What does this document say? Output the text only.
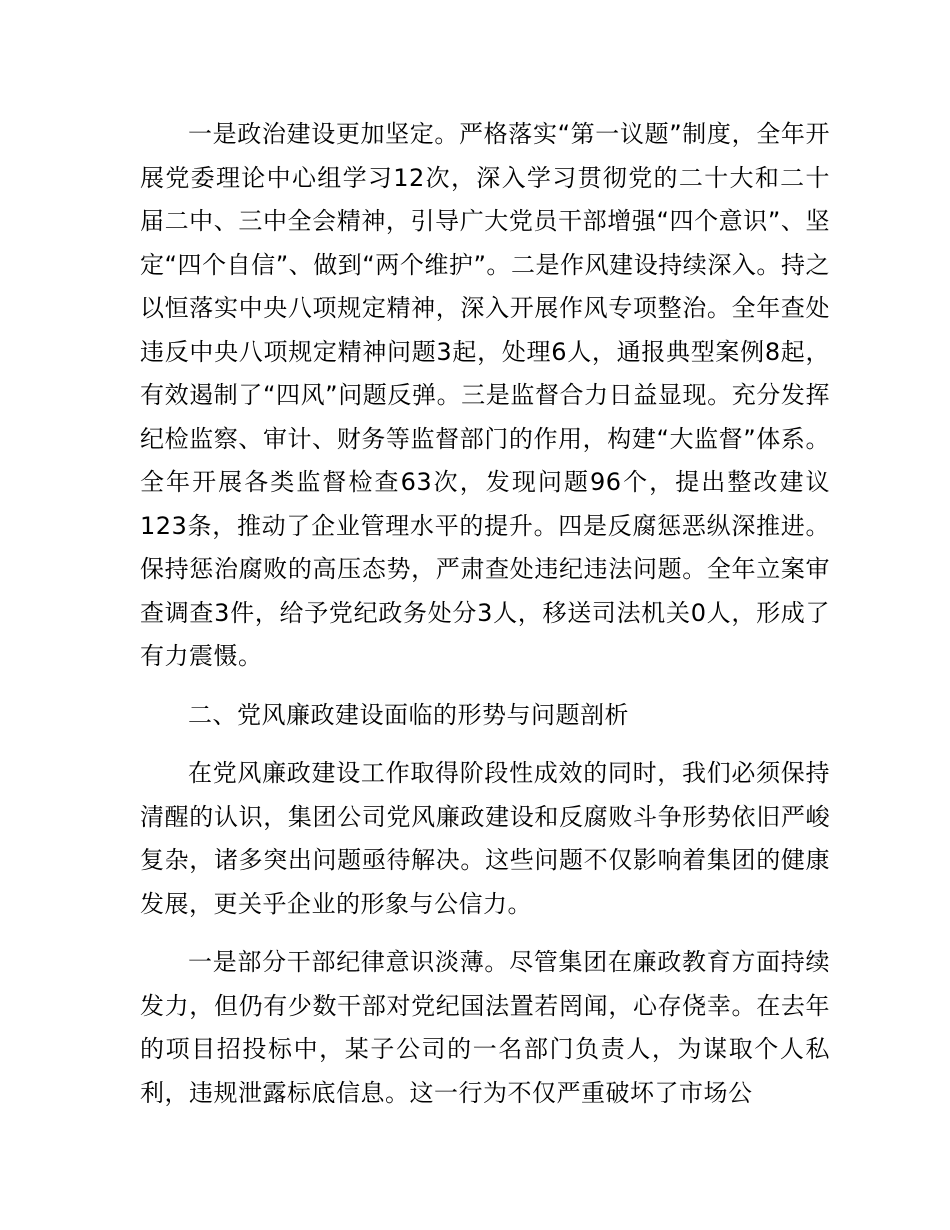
一是政治建设更加坚定。严格落实“第一议题”制度，全年开展党委理论中心组学习12次，深入学习贯彻党的二十大和二十届二中、三中全会精神，引导广大党员干部增强“四个意识”、坚定“四个自信”、做到“两个维护”。二是作风建设持续深入。持之以恒落实中央八项规定精神，深入开展作风专项整治。全年查处违反中央八项规定精神问题3起，处理6人，通报典型案例8起，有效遏制了“四风”问题反弹。三是监督合力日益显现。充分发挥纪检监察、审计、财务等监督部门的作用，构建“大监督”体系。全年开展各类监督检查63次，发现问题96个，提出整改建议123条，推动了企业管理水平的提升。四是反腐惩恶纵深推进。保持惩治腐败的高压态势，严肃查处违纪违法问题。全年立案审查调查3件，给予党纪政务处分3人，移送司法机关0人，形成了有力震慑。

二、党风廉政建设面临的形势与问题剖析

在党风廉政建设工作取得阶段性成效的同时，我们必须保持清醒的认识，集团公司党风廉政建设和反腐败斗争形势依旧严峻复杂，诸多突出问题亟待解决。这些问题不仅影响着集团的健康发展，更关乎企业的形象与公信力。

一是部分干部纪律意识淡薄。尽管集团在廉政教育方面持续发力，但仍有少数干部对党纪国法置若罔闻，心存侥幸。在去年的项目招投标中，某子公司的一名部门负责人，为谋取个人私利，违规泄露标底信息。这一行为不仅严重破坏了市场公
